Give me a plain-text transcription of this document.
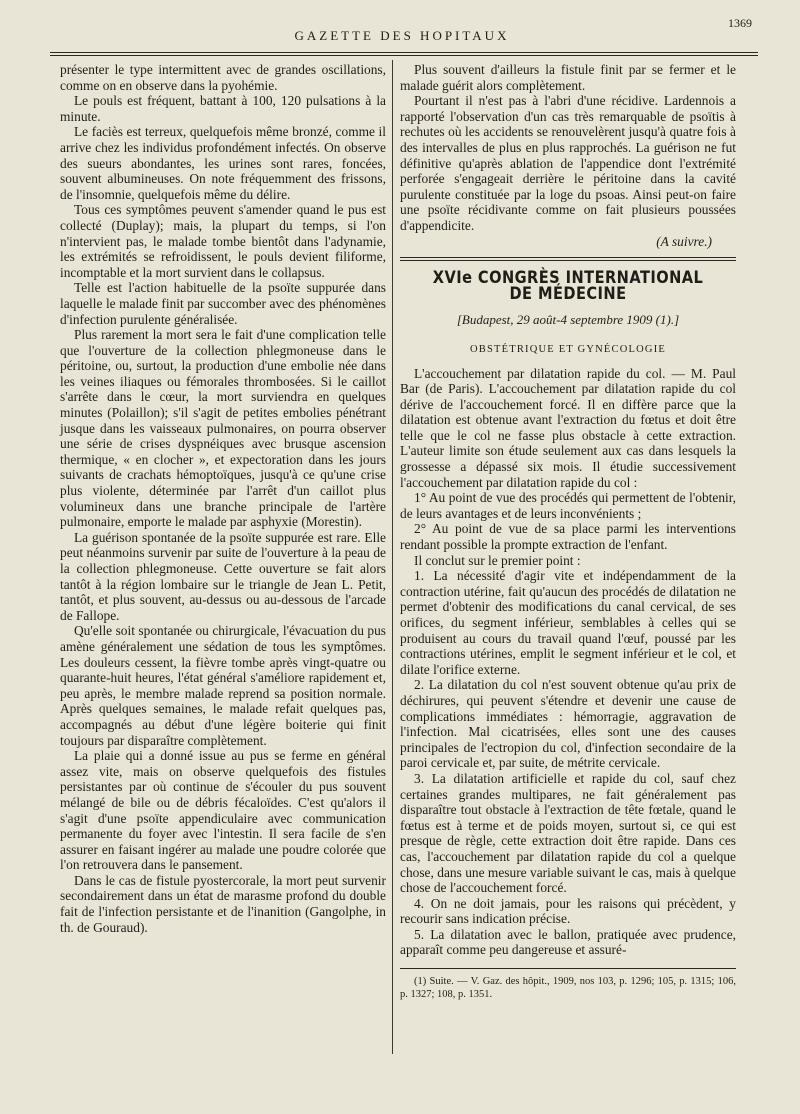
GAZETTE DES HOPITAUX
1369

présenter le type intermittent avec de grandes oscillations, comme on en observe dans la pyohémie.

Le pouls est fréquent, battant à 100, 120 pulsations à la minute.

Le faciès est terreux, quelquefois même bronzé, comme il arrive chez les individus profondément infectés. On observe des sueurs abondantes, les urines sont rares, foncées, souvent albumineuses. On note fréquemment des frissons, de l'insomnie, quelquefois même du délire.

Tous ces symptômes peuvent s'amender quand le pus est collecté (Duplay); mais, la plupart du temps, si l'on n'intervient pas, le malade tombe bientôt dans l'adynamie, les extrémités se refroidissent, le pouls devient filiforme, incomptable et la mort survient dans le collapsus.

Telle est l'action habituelle de la psoïte suppurée dans laquelle le malade finit par succomber avec des phénomènes d'infection purulente généralisée.

Plus rarement la mort sera le fait d'une complication telle que l'ouverture de la collection phlegmoneuse dans le péritoine, ou, surtout, la production d'une embolie née dans les veines iliaques ou fémorales thrombosées. Si le caillot s'arrête dans le cœur, la mort surviendra en quelques minutes (Polaillon); s'il s'agit de petites embolies pénétrant jusque dans les vaisseaux pulmonaires, on pourra observer une série de crises dyspnéiques avec brusque ascension thermique, « en clocher », et expectoration dans les jours suivants de crachats hémoptoïques, jusqu'à ce qu'une crise plus violente, déterminée par l'arrêt d'un caillot plus volumineux dans une branche principale de l'artère pulmonaire, emporte le malade par asphyxie (Morestin).

La guérison spontanée de la psoïte suppurée est rare. Elle peut néanmoins survenir par suite de l'ouverture à la peau de la collection phlegmoneuse. Cette ouverture se fait alors tantôt à la région lombaire sur le triangle de Jean L. Petit, tantôt, et plus souvent, au-dessus ou au-dessous de l'arcade de Fallope.

Qu'elle soit spontanée ou chirurgicale, l'évacuation du pus amène généralement une sédation de tous les symptômes. Les douleurs cessent, la fièvre tombe après vingt-quatre ou quarante-huit heures, l'état général s'améliore rapidement et, peu après, le membre malade reprend sa position normale. Après quelques semaines, le malade refait quelques pas, accompagnés au début d'une légère boiterie qui finit toujours par disparaître complètement.

La plaie qui a donné issue au pus se ferme en général assez vite, mais on observe quelquefois des fistules persistantes par où continue de s'écouler du pus souvent mélangé de bile ou de débris fécaloïdes. C'est qu'alors il s'agit d'une psoïte appendiculaire avec communication permanente du foyer avec l'intestin. Il sera facile de s'en assurer en faisant ingérer au malade une poudre colorée que l'on retrouvera dans le pansement.

Dans le cas de fistule pyostercorale, la mort peut survenir secondairement dans un état de marasme profond du double fait de l'infection persistante et de l'inanition (Gangolphe, in th. de Gouraud).

Plus souvent d'ailleurs la fistule finit par se fermer et le malade guérit alors complètement.

Pourtant il n'est pas à l'abri d'une récidive. Lardennois a rapporté l'observation d'un cas très remarquable de psoïtis à rechutes où les accidents se renouvelèrent jusqu'à quatre fois à des intervalles de plus en plus rapprochés. La guérison ne fut définitive qu'après ablation de l'appendice dont l'extrémité perforée s'engageait derrière le péritoine dans la cavité purulente constituée par la loge du psoas. Ainsi peut-on faire une psoïte récidivante comme on fait plusieurs poussées d'appendicite.

(A suivre.)
XVIe CONGRÈS INTERNATIONAL DE MÉDECINE
[Budapest, 29 août-4 septembre 1909 (1).]
OBSTÉTRIQUE ET GYNÉCOLOGIE

L'accouchement par dilatation rapide du col. — M. Paul Bar (de Paris). L'accouchement par dilatation rapide du col dérive de l'accouchement forcé. Il en diffère parce que la dilatation est obtenue avant l'extraction du fœtus et doit être telle que le col ne fasse plus obstacle à cette extraction. L'auteur limite son étude seulement aux cas dans lesquels la grossesse a dépassé six mois. Il étudie successivement l'accouchement par dilatation rapide du col :

1° Au point de vue des procédés qui permettent de l'obtenir, de leurs avantages et de leurs inconvénients ;

2° Au point de vue de sa place parmi les interventions rendant possible la prompte extraction de l'enfant.

Il conclut sur le premier point :

1. La nécessité d'agir vite et indépendamment de la contraction utérine, fait qu'aucun des procédés de dilatation ne permet d'obtenir des modifications du canal cervical, de ses orifices, du segment inférieur, semblables à celles qui se produisent au cours du travail quand l'œuf, poussé par les contractions utérines, emplit le segment inférieur et le col, et dilate l'orifice externe.

2. La dilatation du col n'est souvent obtenue qu'au prix de déchirures, qui peuvent s'étendre et devenir une cause de complications immédiates : hémorragie, aggravation de l'infection. Mal cicatrisées, elles sont une des causes principales de l'ectropion du col, d'infection secondaire de la paroi cervicale et, par suite, de métrite cervicale.

3. La dilatation artificielle et rapide du col, sauf chez certaines grandes multipares, ne fait généralement pas disparaître tout obstacle à l'extraction de tête fœtale, quand le fœtus est à terme et de poids moyen, surtout si, ce qui est presque de règle, cette extraction doit être rapide. Dans ces cas, l'accouchement par dilatation rapide du col a quelque chose, dans une mesure variable suivant le cas, mais à quelque chose de l'accouchement forcé.

4. On ne doit jamais, pour les raisons qui précèdent, y recourir sans indication précise.

5. La dilatation avec le ballon, pratiquée avec prudence, apparaît comme peu dangereuse et assuré-

(1) Suite. — V. Gaz. des hôpit., 1909, nos 103, p. 1296; 105, p. 1315; 106, p. 1327; 108, p. 1351.
